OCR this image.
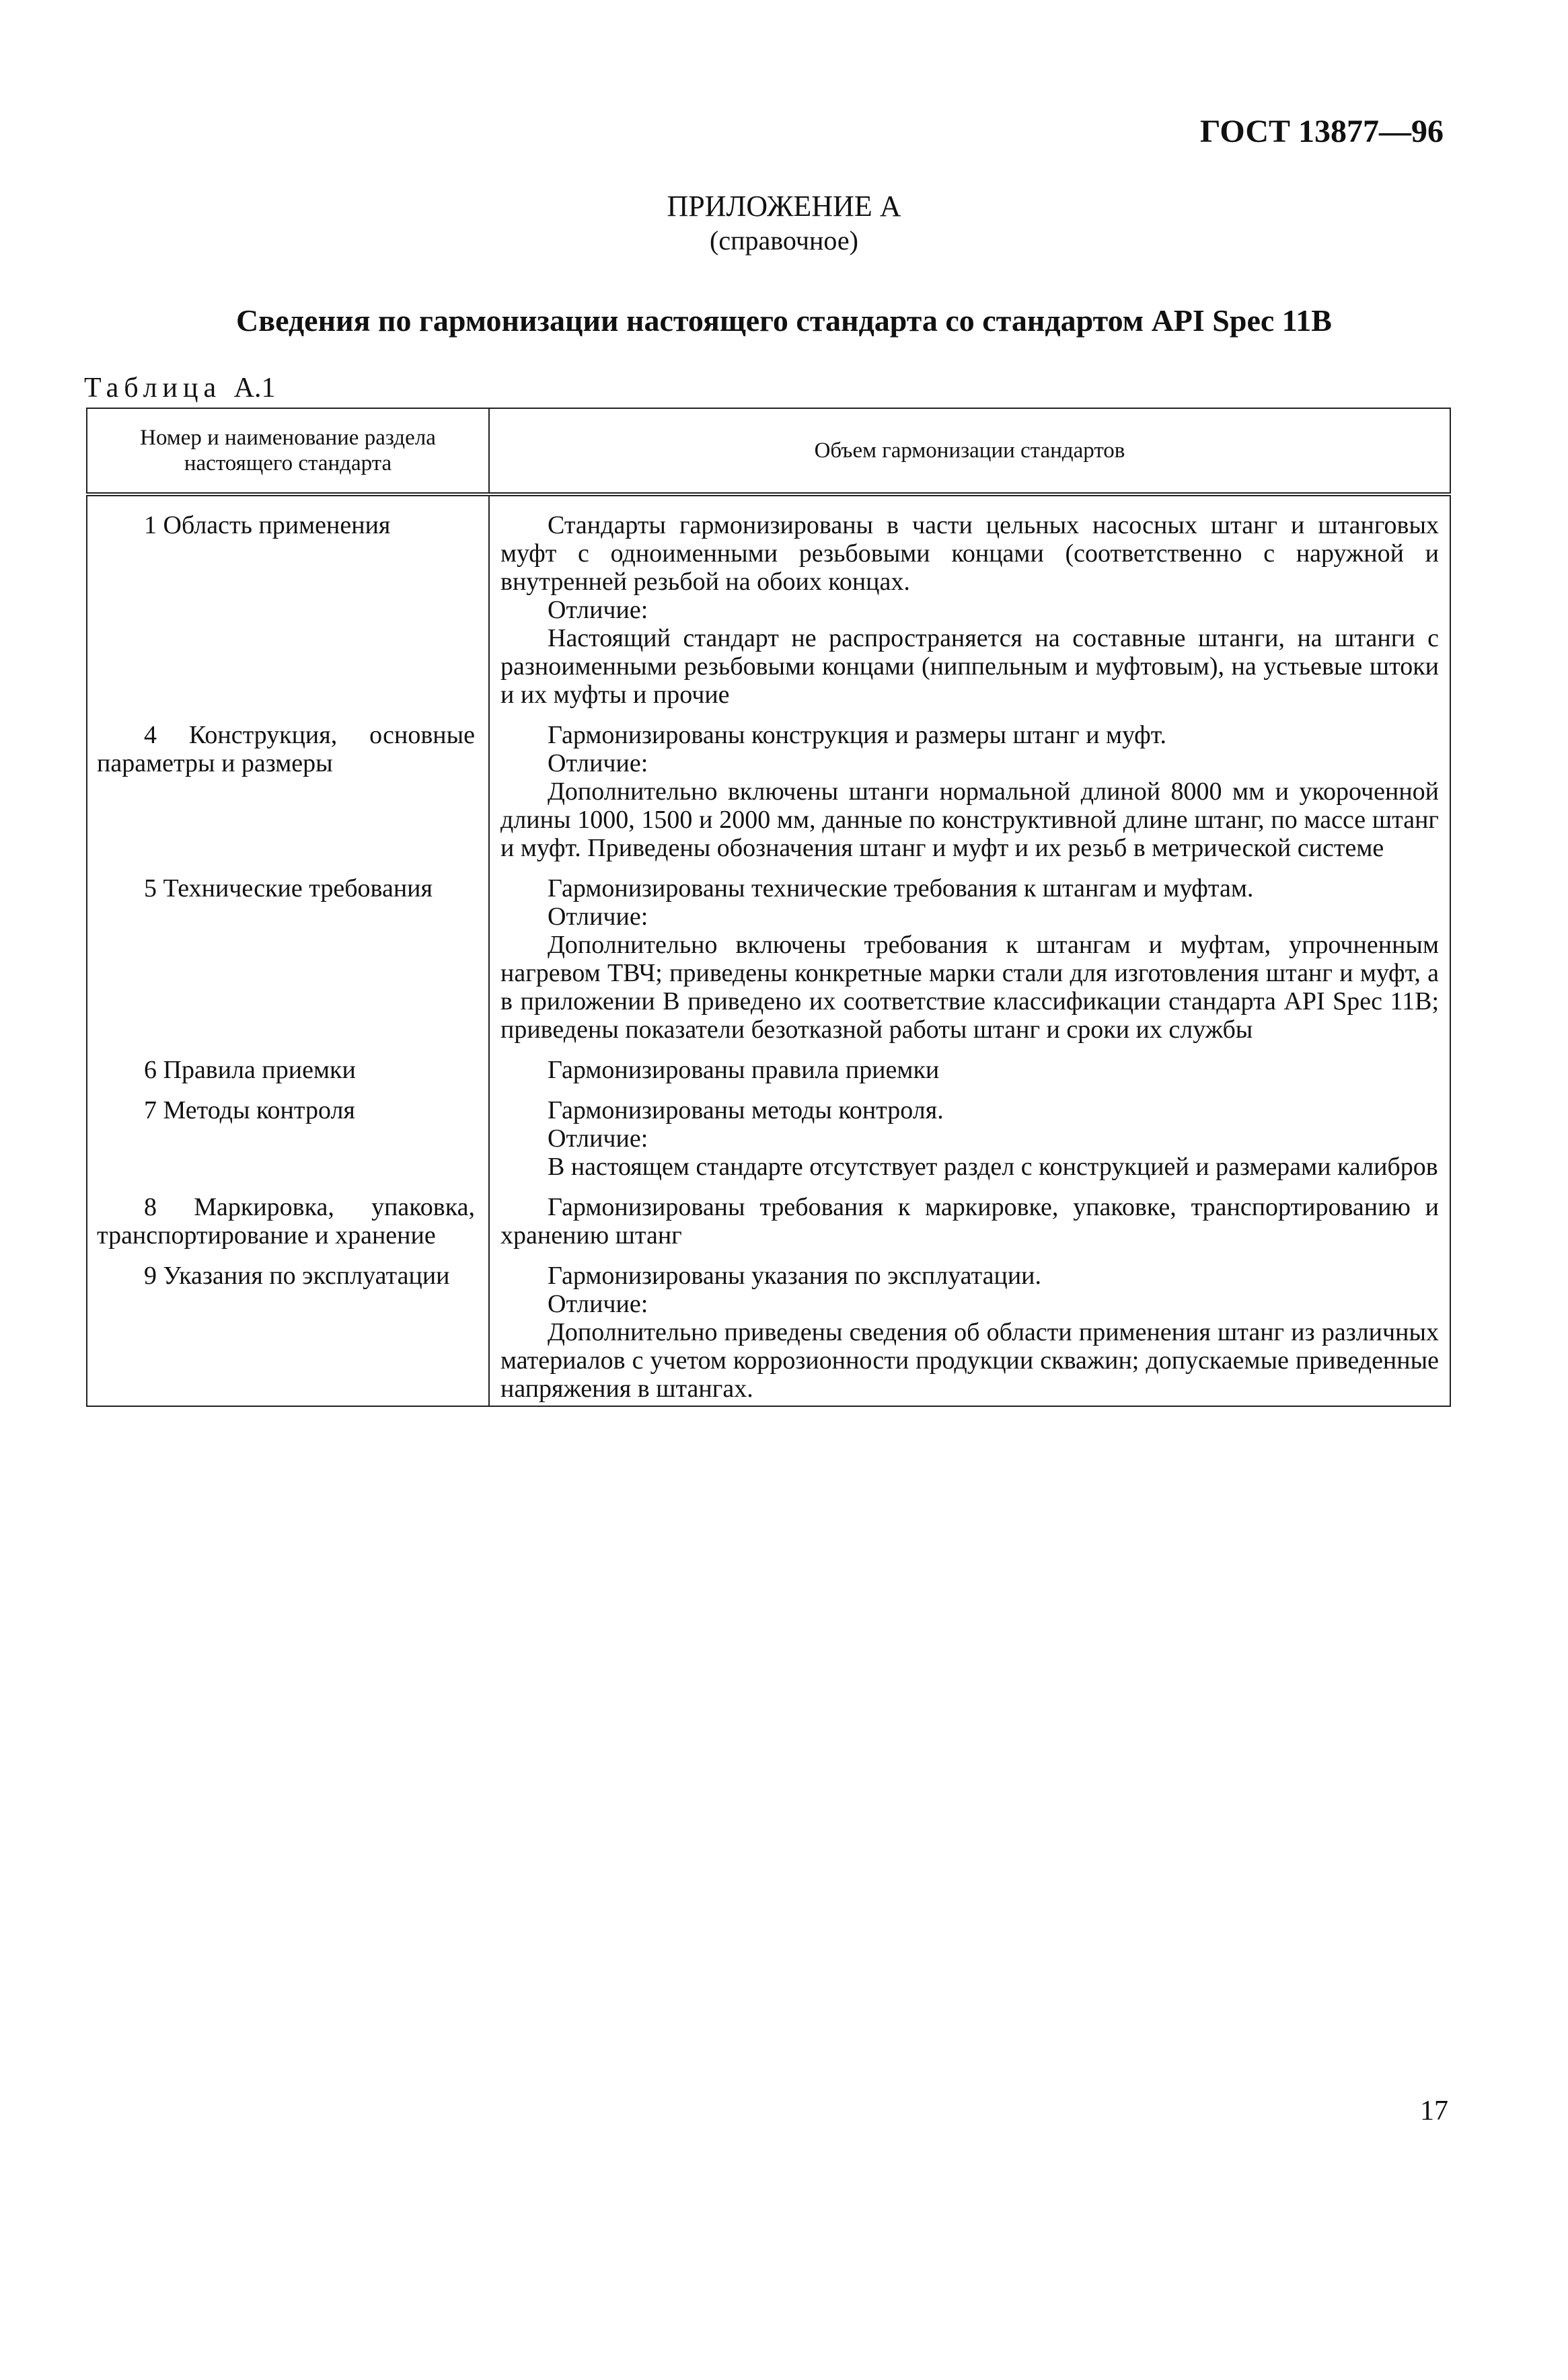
ГОСТ 13877—96
ПРИЛОЖЕНИЕ А
(справочное)
Сведения по гармонизации настоящего стандарта со стандартом API Spec 11B
Таблица А.1
Номер и наименование раздела настоящего стандарта	Объем гармонизации стандартов

1 Область применения	Стандарты гармонизированы в части цельных насосных штанг и штанговых муфт с одноименными резьбовыми концами (соответственно с наружной и внутренней резьбой на обоих концах.

Отличие:

Настоящий стандарт не распространяется на составные штанги, на штанги с разноименными резьбовыми концами (ниппельным и муфтовым), на устьевые штоки и их муфты и прочие

4 Конструкция, основные параметры и размеры	Гармонизированы конструкция и размеры штанг и муфт.

Отличие:

Дополнительно включены штанги нормальной длиной 8000 мм и укороченной длины 1000, 1500 и 2000 мм, данные по конструктивной длине штанг, по массе штанг и муфт. Приведены обозначения штанг и муфт и их резьб в метрической системе

5 Технические требования	Гармонизированы технические требования к штангам и муфтам.

Отличие:

Дополнительно включены требования к штангам и муфтам, упрочненным нагревом ТВЧ; приведены конкретные марки стали для изготовления штанг и муфт, а в приложении В приведено их соответствие классификации стандарта API Spec 11B; приведены показатели безотказной работы штанг и сроки их службы

6 Правила приемки	Гармонизированы правила приемки

7 Методы контроля	Гармонизированы методы контроля.

Отличие:

В настоящем стандарте отсутствует раздел с конструкцией и размерами калибров

8 Маркировка, упаковка, транспортирование и хранение	Гармонизированы требования к маркировке, упаковке, транспортированию и хранению штанг

9 Указания по эксплуатации	Гармонизированы указания по эксплуатации.

Отличие:

Дополнительно приведены сведения об области применения штанг из различных материалов с учетом коррозионности продукции скважин; допускаемые приведенные напряжения в штангах.

17
